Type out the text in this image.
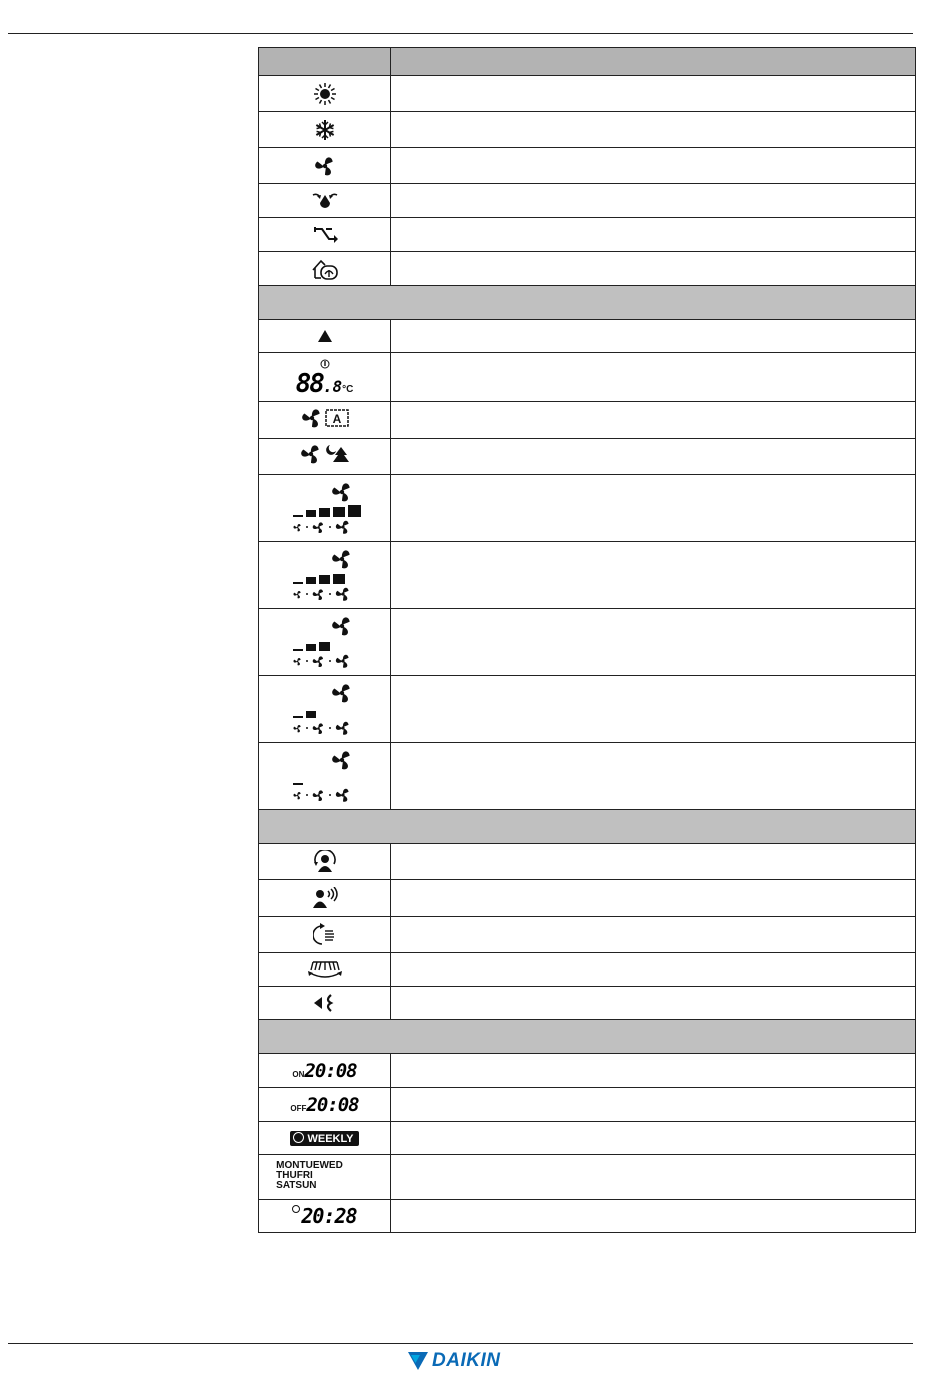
88.8°C	

A	

ON20:08	

OFF20:08	

WEEKLY	

MONTUEWED
THUFRI
SATSUN	

20:28	

DAIKIN
